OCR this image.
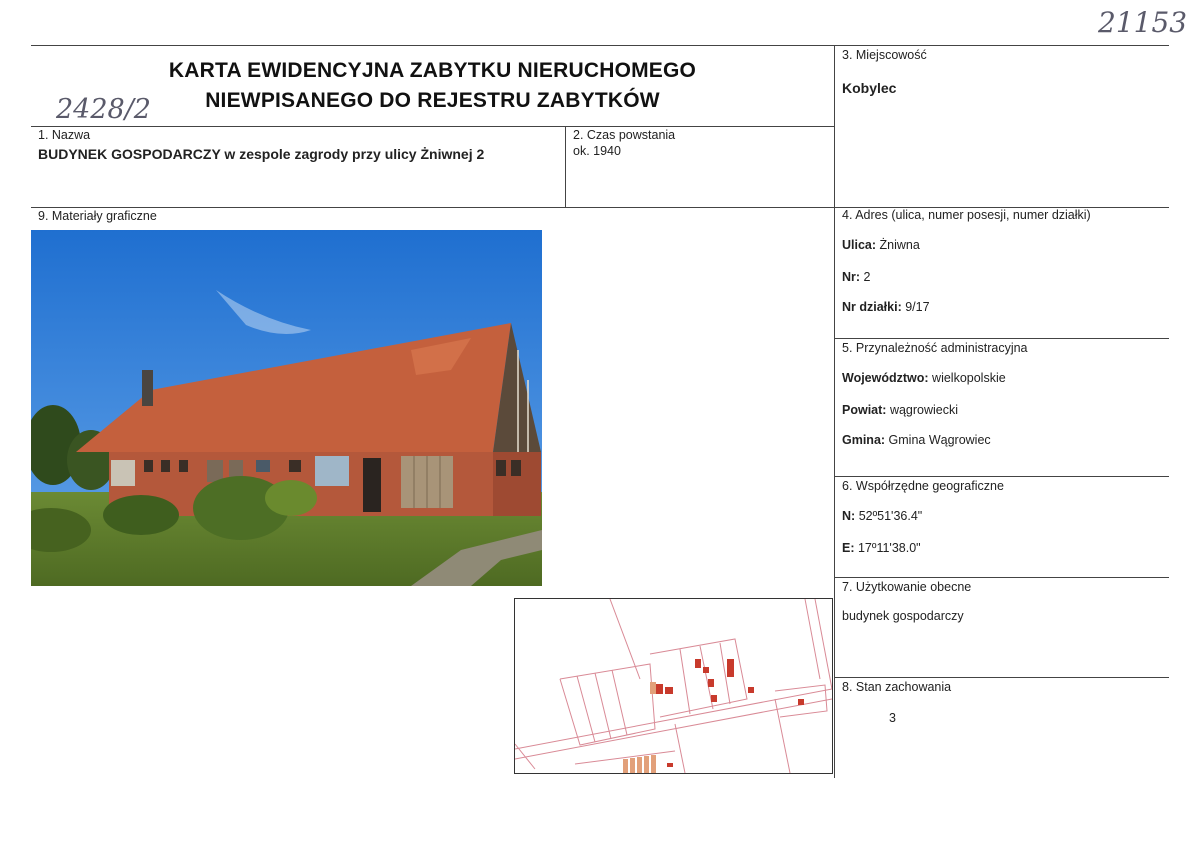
21153
2428/2
KARTA EWIDENCYJNA ZABYTKU NIERUCHOMEGO
NIEWPISANEGO DO REJESTRU ZABYTKÓW
1. Nazwa
BUDYNEK GOSPODARCZY w zespole zagrody przy ulicy Żniwnej 2
2. Czas powstania
ok. 1940
3. Miejscowość
Kobylec
4. Adres (ulica, numer posesji, numer działki)
Ulica: Żniwna
Nr: 2
Nr działki: 9/17
5. Przynależność administracyjna
Województwo: wielkopolskie
Powiat: wągrowiecki
Gmina: Gmina Wągrowiec
6. Współrzędne geograficzne
N: 52º51'36.4"
E: 17º11'38.0"
7. Użytkowanie obecne
budynek gospodarczy
8. Stan zachowania
3
9. Materiały graficzne
